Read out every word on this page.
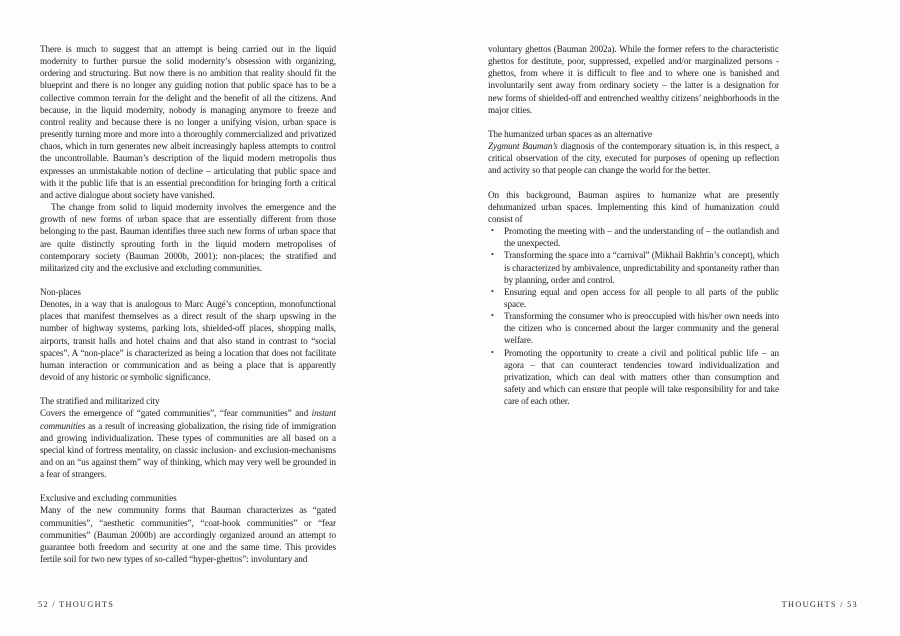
There is much to suggest that an attempt is being carried out in the liquid modernity to further pursue the solid modernity’s obsession with organizing, ordering and structuring. But now there is no ambition that reality should fit the blueprint and there is no longer any guiding notion that public space has to be a collective common terrain for the delight and the benefit of all the citizens. And because, in the liquid modernity, nobody is managing anymore to freeze and control reality and because there is no longer a unifying vision, urban space is presently turning more and more into a thoroughly commercialized and privatized chaos, which in turn generates new albeit increasingly hapless attempts to control the uncontrollable. Bauman’s description of the liquid modern metropolis thus expresses an unmistakable notion of decline – articulating that public space and with it the public life that is an essential precondition for bringing forth a critical and active dialogue about society have vanished.

The change from solid to liquid modernity involves the emergence and the growth of new forms of urban space that are essentially different from those belonging to the past. Bauman identifies three such new forms of urban space that are quite distinctly sprouting forth in the liquid modern metropolises of contemporary society (Bauman 2000b, 2001): non-places; the stratified and militarized city and the exclusive and excluding communities.

Non-places

Denotes, in a way that is analogous to Marc Augé’s conception, monofunctional places that manifest themselves as a direct result of the sharp upswing in the number of highway systems, parking lots, shielded-off places, shopping malls, airports, transit halls and hotel chains and that also stand in contrast to “social spaces”. A “non-place” is characterized as being a location that does not facilitate human interaction or communication and as being a place that is apparently devoid of any historic or symbolic significance.

The stratified and militarized city

Covers the emergence of “gated communities”, “fear communities” and instant communities as a result of increasing globalization, the rising tide of immigration and growing individualization. These types of communities are all based on a special kind of fortress mentality, on classic inclusion- and exclusion-mechanisms and on an “us against them” way of thinking, which may very well be grounded in a fear of strangers.

Exclusive and excluding communities

Many of the new community forms that Bauman characterizes as “gated communities”, “aesthetic communities”, “coat-hook communities” or “fear communities” (Bauman 2000b) are accordingly organized around an attempt to guarantee both freedom and security at one and the same time. This provides fertile soil for two new types of so-called “hyper-ghettos”: involuntary and

52 / THOUGHTS

voluntary ghettos (Bauman 2002a). While the former refers to the characteristic ghettos for destitute, poor, suppressed, expelled and/or marginalized persons - ghettos, from where it is difficult to flee and to where one is banished and involuntarily sent away from ordinary society – the latter is a designation for new forms of shielded-off and entrenched wealthy citizens’ neighborhoods in the major cities.

The humanized urban spaces as an alternative

Zygmunt Bauman’s diagnosis of the contemporary situation is, in this respect, a critical observation of the city, executed for purposes of opening up reflection and activity so that people can change the world for the better.

On this background, Bauman aspires to humanize what are presently dehumanized urban spaces. Implementing this kind of humanization could consist of

• Promoting the meeting with – and the understanding of – the outlandish and the unexpected.
• Transforming the space into a “carnival” (Mikhail Bakhtin’s concept), which is characterized by ambivalence, unpredictability and spontaneity rather than by planning, order and control.
• Ensuring equal and open access for all people to all parts of the public space.
• Transforming the consumer who is preoccupied with his/her own needs into the citizen who is concerned about the larger community and the general welfare.
• Promoting the opportunity to create a civil and political public life – an agora – that can counteract tendencies toward individualization and privatization, which can deal with matters other than consumption and safety and which can ensure that people will take responsibility for and take care of each other.
THOUGHTS / 53
